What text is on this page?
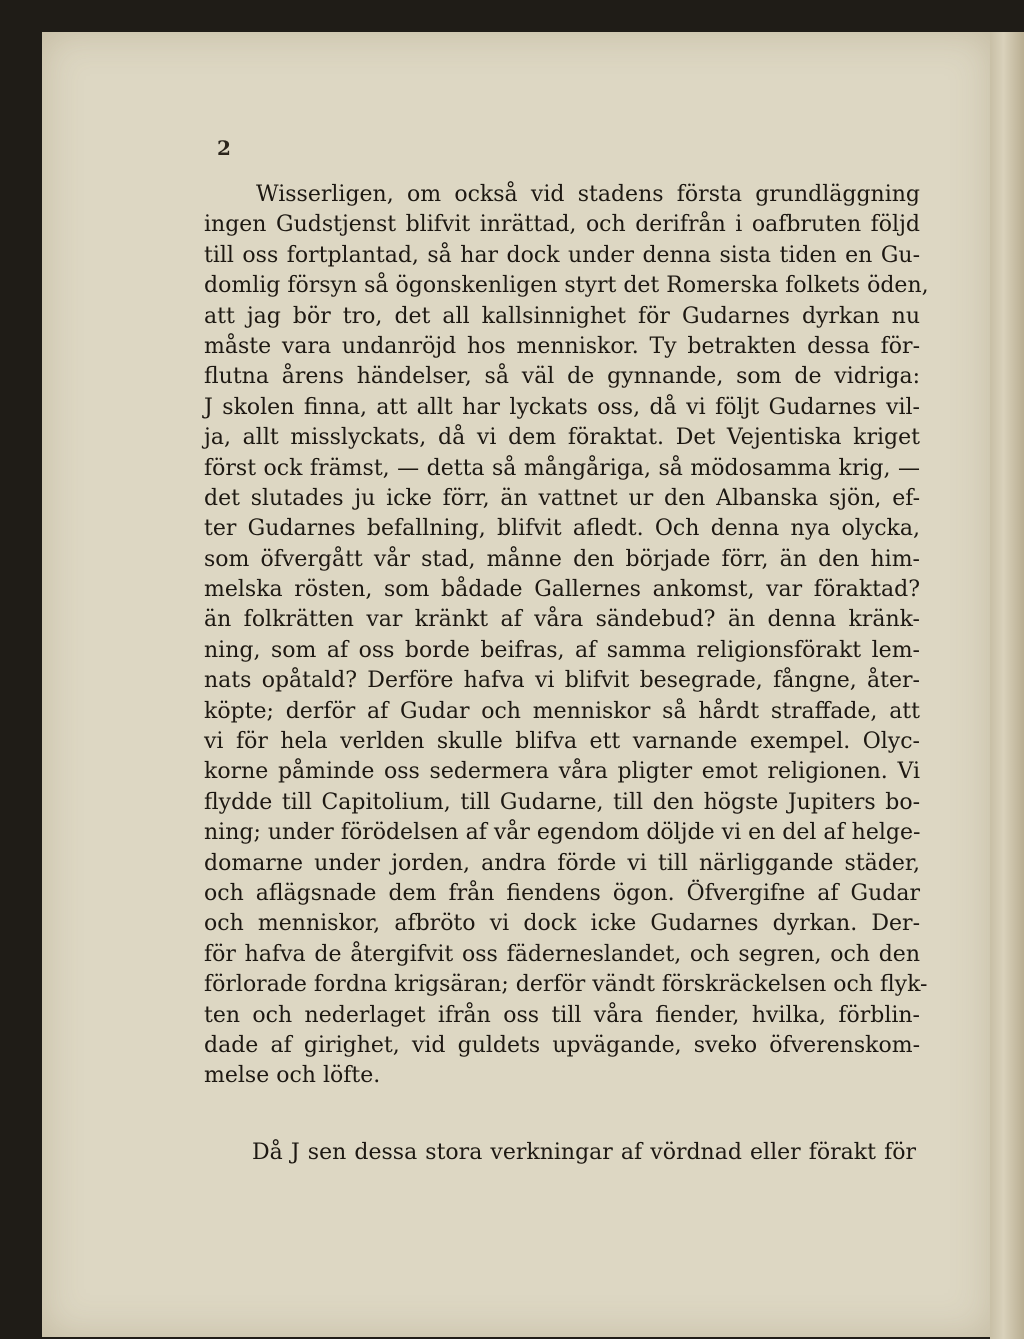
2
Wisserligen, om också vid stadens första grundläggning
ingen Gudstjenst blifvit inrättad, och derifrån i oafbruten följd
till oss fortplantad, så har dock under denna sista tiden en Gu-
domlig försyn så ögonskenligen styrt det Romerska folkets öden,
att jag bör tro, det all kallsinnighet för Gudarnes dyrkan nu
måste vara undanröjd hos menniskor. Ty betrakten dessa för-
flutna årens händelser, så väl de gynnande, som de vidriga:
J skolen finna, att allt har lyckats oss, då vi följt Gudarnes vil-
ja, allt misslyckats, då vi dem föraktat. Det Vejentiska kriget
först ock främst, — detta så mångåriga, så mödosamma krig, —
det slutades ju icke förr, än vattnet ur den Albanska sjön, ef-
ter Gudarnes befallning, blifvit afledt. Och denna nya olycka,
som öfvergått vår stad, månne den började förr, än den him-
melska rösten, som bådade Gallernes ankomst, var föraktad?
än folkrätten var kränkt af våra sändebud? än denna kränk-
ning, som af oss borde beifras, af samma religionsförakt lem-
nats opåtald? Derföre hafva vi blifvit besegrade, fångne, åter-
köpte; derför af Gudar och menniskor så hårdt straffade, att
vi för hela verlden skulle blifva ett varnande exempel. Olyc-
korne påminde oss sedermera våra pligter emot religionen. Vi
flydde till Capitolium, till Gudarne, till den högste Jupiters bo-
ning; under förödelsen af vår egendom döljde vi en del af helge-
domarne under jorden, andra förde vi till närliggande städer,
och aflägsnade dem från fiendens ögon. Öfvergifne af Gudar
och menniskor, afbröto vi dock icke Gudarnes dyrkan. Der-
för hafva de återgifvit oss fäderneslandet, och segren, och den
förlorade fordna krigsäran; derför vändt förskräckelsen och flyk-
ten och nederlaget ifrån oss till våra fiender, hvilka, förblin-
dade af girighet, vid guldets upvägande, sveko öfverenskom-
melse och löfte.
Då J sen dessa stora verkningar af vördnad eller förakt för
